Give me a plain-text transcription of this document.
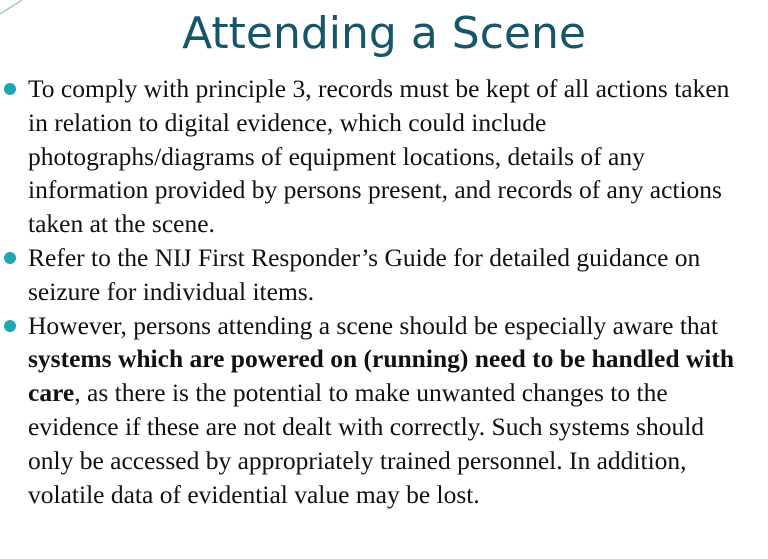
Attending a Scene
To comply with principle 3, records must be kept of all actions taken in relation to digital evidence, which could include photographs/diagrams of equipment locations, details of any information provided by persons present, and records of any actions taken at the scene.
Refer to the NIJ First Responder’s Guide for detailed guidance on seizure for individual items.
However, persons attending a scene should be especially aware that systems which are powered on (running) need to be handled with care, as there is the potential to make unwanted changes to the evidence if these are not dealt with correctly. Such systems should only be accessed by appropriately trained personnel. In addition, volatile data of evidential value may be lost.
